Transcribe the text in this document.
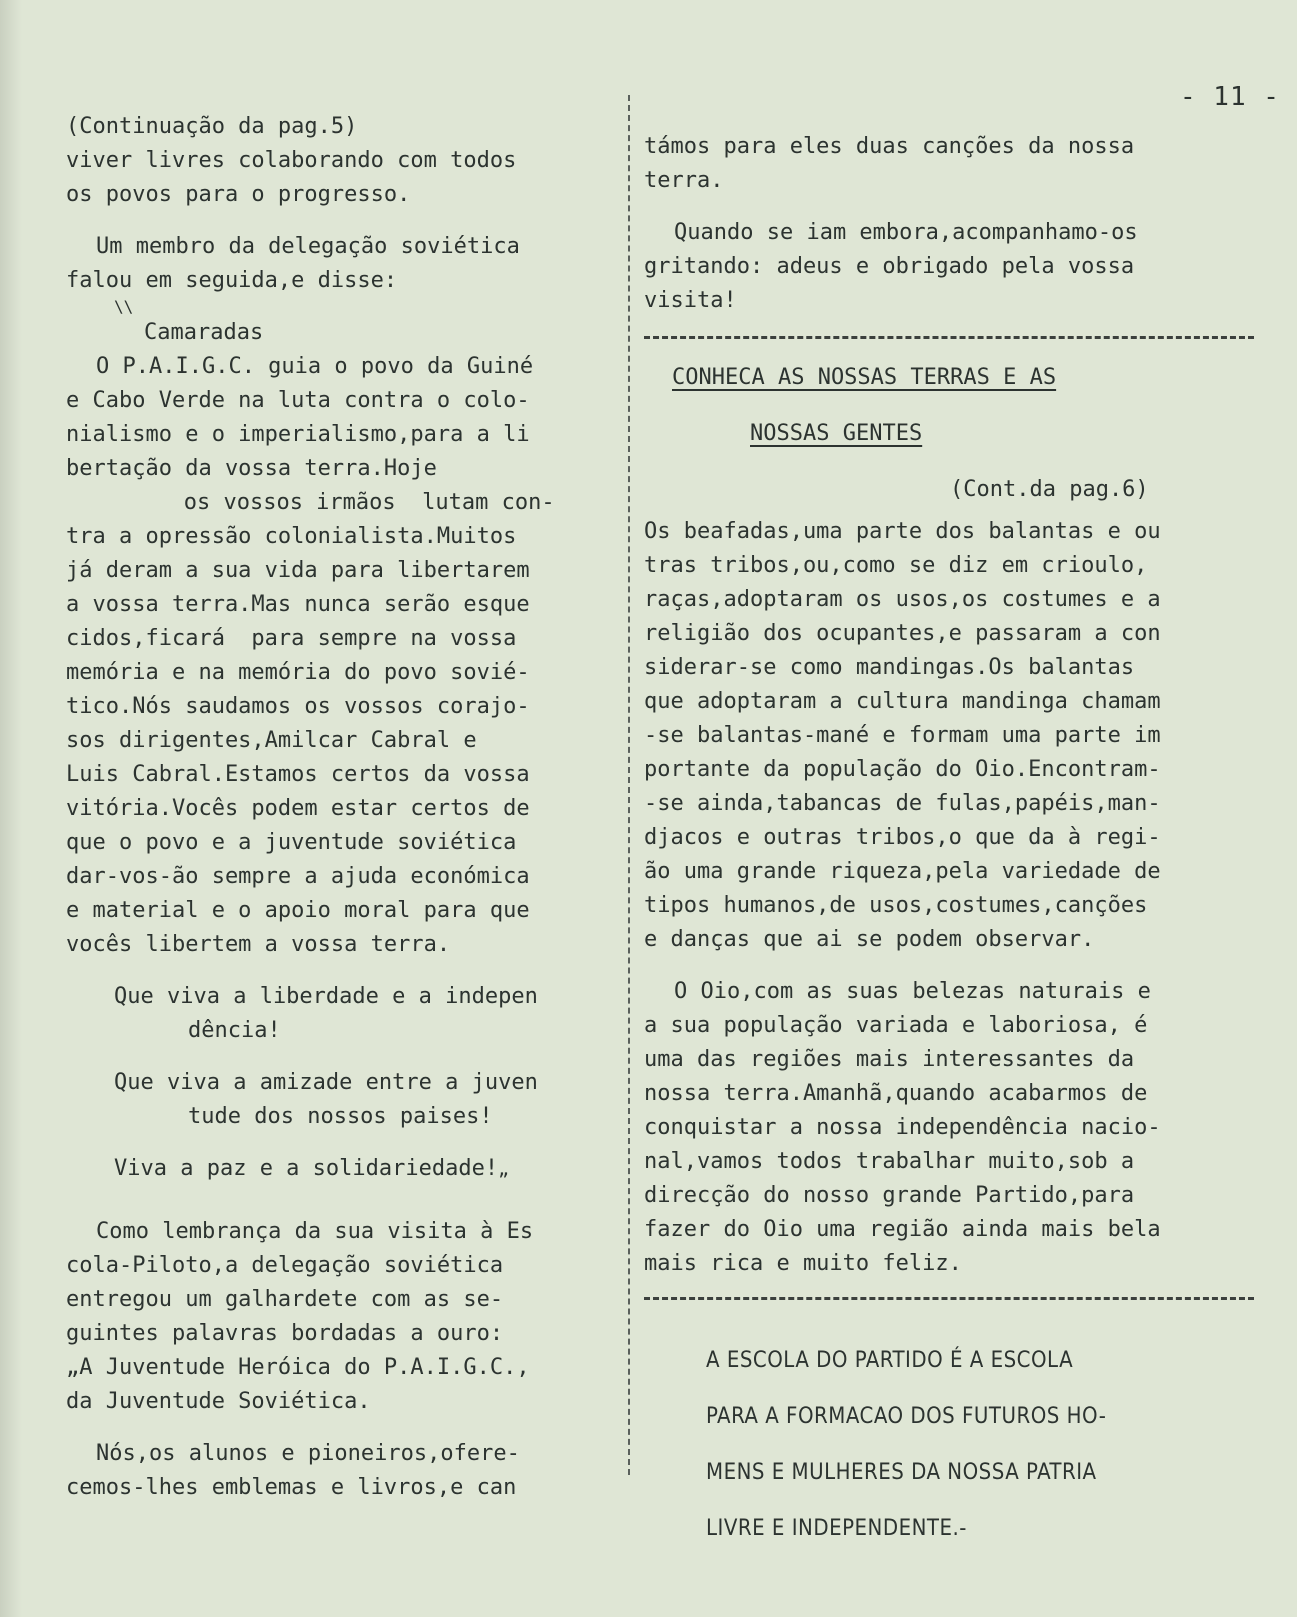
- 11 -

(Continuação da pag.5)

viver livres colaborando com todos

os povos para o progresso.

Um membro da delegação soviética

falou em seguida,e disse:

\\

Camaradas

O P.A.I.G.C. guia o povo da Guiné

e Cabo Verde na luta contra o colo-

nialismo e o imperialismo,para a li

bertação da vossa terra.Hoje

os vossos irmãos  lutam con-

tra a opressão colonialista.Muitos

já deram a sua vida para libertarem

a vossa terra.Mas nunca serão esque

cidos,ficará  para sempre na vossa

memória e na memória do povo sovié-

tico.Nós saudamos os vossos corajo-

sos dirigentes,Amilcar Cabral e

Luis Cabral.Estamos certos da vossa

vitória.Vocês podem estar certos de

que o povo e a juventude soviética

dar-vos-ão sempre a ajuda económica

e material e o apoio moral para que

vocês libertem a vossa terra.

Que viva a liberdade e a indepen

dência!

Que viva a amizade entre a juven

tude dos nossos paises!

Viva a paz e a solidariedade!

„

Como lembrança da sua visita à Es

cola-Piloto,a delegação soviética

entregou um galhardete com as se-

guintes palavras bordadas a ouro:

„A Juventude Heróica do P.A.I.G.C.,

da Juventude Soviética.

Nós,os alunos e pioneiros,ofere-

cemos-lhes emblemas e livros,e can

támos para eles duas canções da nossa

terra.

Quando se iam embora,acompanhamo-os

gritando: adeus e obrigado pela vossa

visita!

CONHECA AS NOSSAS TERRAS E AS

NOSSAS GENTES

(Cont.da pag.6)

Os beafadas,uma parte dos balantas e ou

tras tribos,ou,como se diz em crioulo,

raças,adoptaram os usos,os costumes e a

religião dos ocupantes,e passaram a con

siderar-se como mandingas.Os balantas

que adoptaram a cultura mandinga chamam

-se balantas-mané e formam uma parte im

portante da população do Oio.Encontram-

-se ainda,tabancas de fulas,papéis,man-

djacos e outras tribos,o que da à regi-

ão uma grande riqueza,pela variedade de

tipos humanos,de usos,costumes,canções

e danças que ai se podem observar.

O Oio,com as suas belezas naturais e

a sua população variada e laboriosa, é

uma das regiões mais interessantes da

nossa terra.Amanhã,quando acabarmos de

conquistar a nossa independência nacio-

nal,vamos todos trabalhar muito,sob a

direcção do nosso grande Partido,para

fazer do Oio uma região ainda mais bela

mais rica e muito feliz.

A ESCOLA DO PARTIDO É A ESCOLA

PARA A FORMACAO DOS FUTUROS HO-

MENS E MULHERES DA NOSSA PATRIA

LIVRE E INDEPENDENTE.-
